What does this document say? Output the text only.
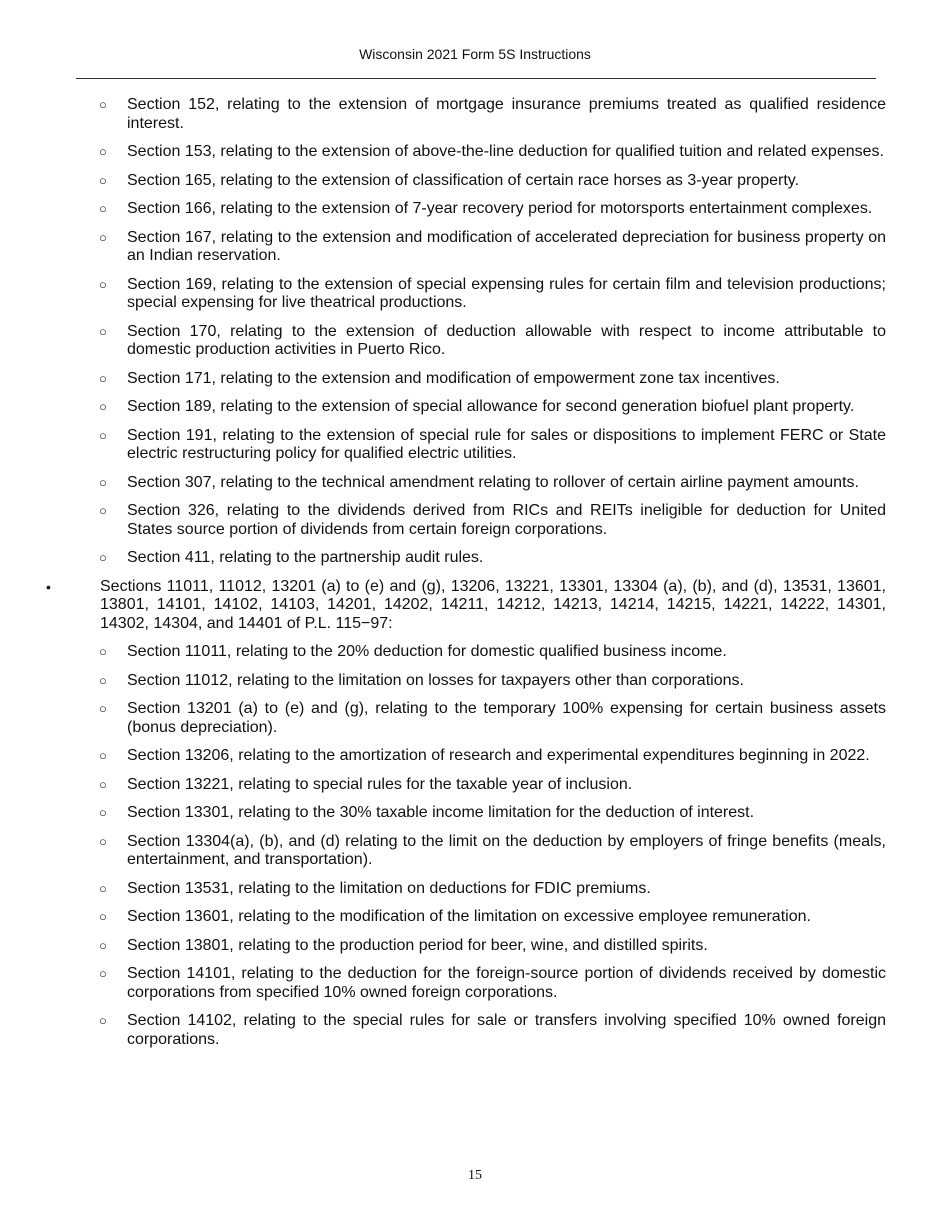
Wisconsin 2021 Form 5S Instructions
○ Section 152, relating to the extension of mortgage insurance premiums treated as qualified residence interest.
○ Section 153, relating to the extension of above-the-line deduction for qualified tuition and related expenses.
○ Section 165, relating to the extension of classification of certain race horses as 3-year property.
○ Section 166, relating to the extension of 7-year recovery period for motorsports entertainment complexes.
○ Section 167, relating to the extension and modification of accelerated depreciation for business property on an Indian reservation.
○ Section 169, relating to the extension of special expensing rules for certain film and television productions; special expensing for live theatrical productions.
○ Section 170, relating to the extension of deduction allowable with respect to income attributable to domestic production activities in Puerto Rico.
○ Section 171, relating to the extension and modification of empowerment zone tax incentives.
○ Section 189, relating to the extension of special allowance for second generation biofuel plant property.
○ Section 191, relating to the extension of special rule for sales or dispositions to implement FERC or State electric restructuring policy for qualified electric utilities.
○ Section 307, relating to the technical amendment relating to rollover of certain airline payment amounts.
○ Section 326, relating to the dividends derived from RICs and REITs ineligible for deduction for United States source portion of dividends from certain foreign corporations.
○ Section 411, relating to the partnership audit rules.
•	Sections 11011, 11012, 13201 (a) to (e) and (g), 13206, 13221, 13301, 13304 (a), (b), and (d), 13531, 13601, 13801, 14101, 14102, 14103, 14201, 14202, 14211, 14212, 14213, 14214, 14215, 14221, 14222, 14301, 14302, 14304, and 14401 of P.L. 115−97:
○ Section 11011, relating to the 20% deduction for domestic qualified business income.
○ Section 11012, relating to the limitation on losses for taxpayers other than corporations.
○ Section 13201 (a) to (e) and (g), relating to the temporary 100% expensing for certain business assets (bonus depreciation).
○ Section 13206, relating to the amortization of research and experimental expenditures beginning in 2022.
○ Section 13221, relating to special rules for the taxable year of inclusion.
○ Section 13301, relating to the 30% taxable income limitation for the deduction of interest.
○ Section 13304(a), (b), and (d) relating to the limit on the deduction by employers of fringe benefits (meals, entertainment, and transportation).
○ Section 13531, relating to the limitation on deductions for FDIC premiums.
○ Section 13601, relating to the modification of the limitation on excessive employee remuneration.
○ Section 13801, relating to the production period for beer, wine, and distilled spirits.
○ Section 14101, relating to the deduction for the foreign-source portion of dividends received by domestic corporations from specified 10% owned foreign corporations.
○ Section 14102, relating to the special rules for sale or transfers involving specified 10% owned foreign corporations.
15
